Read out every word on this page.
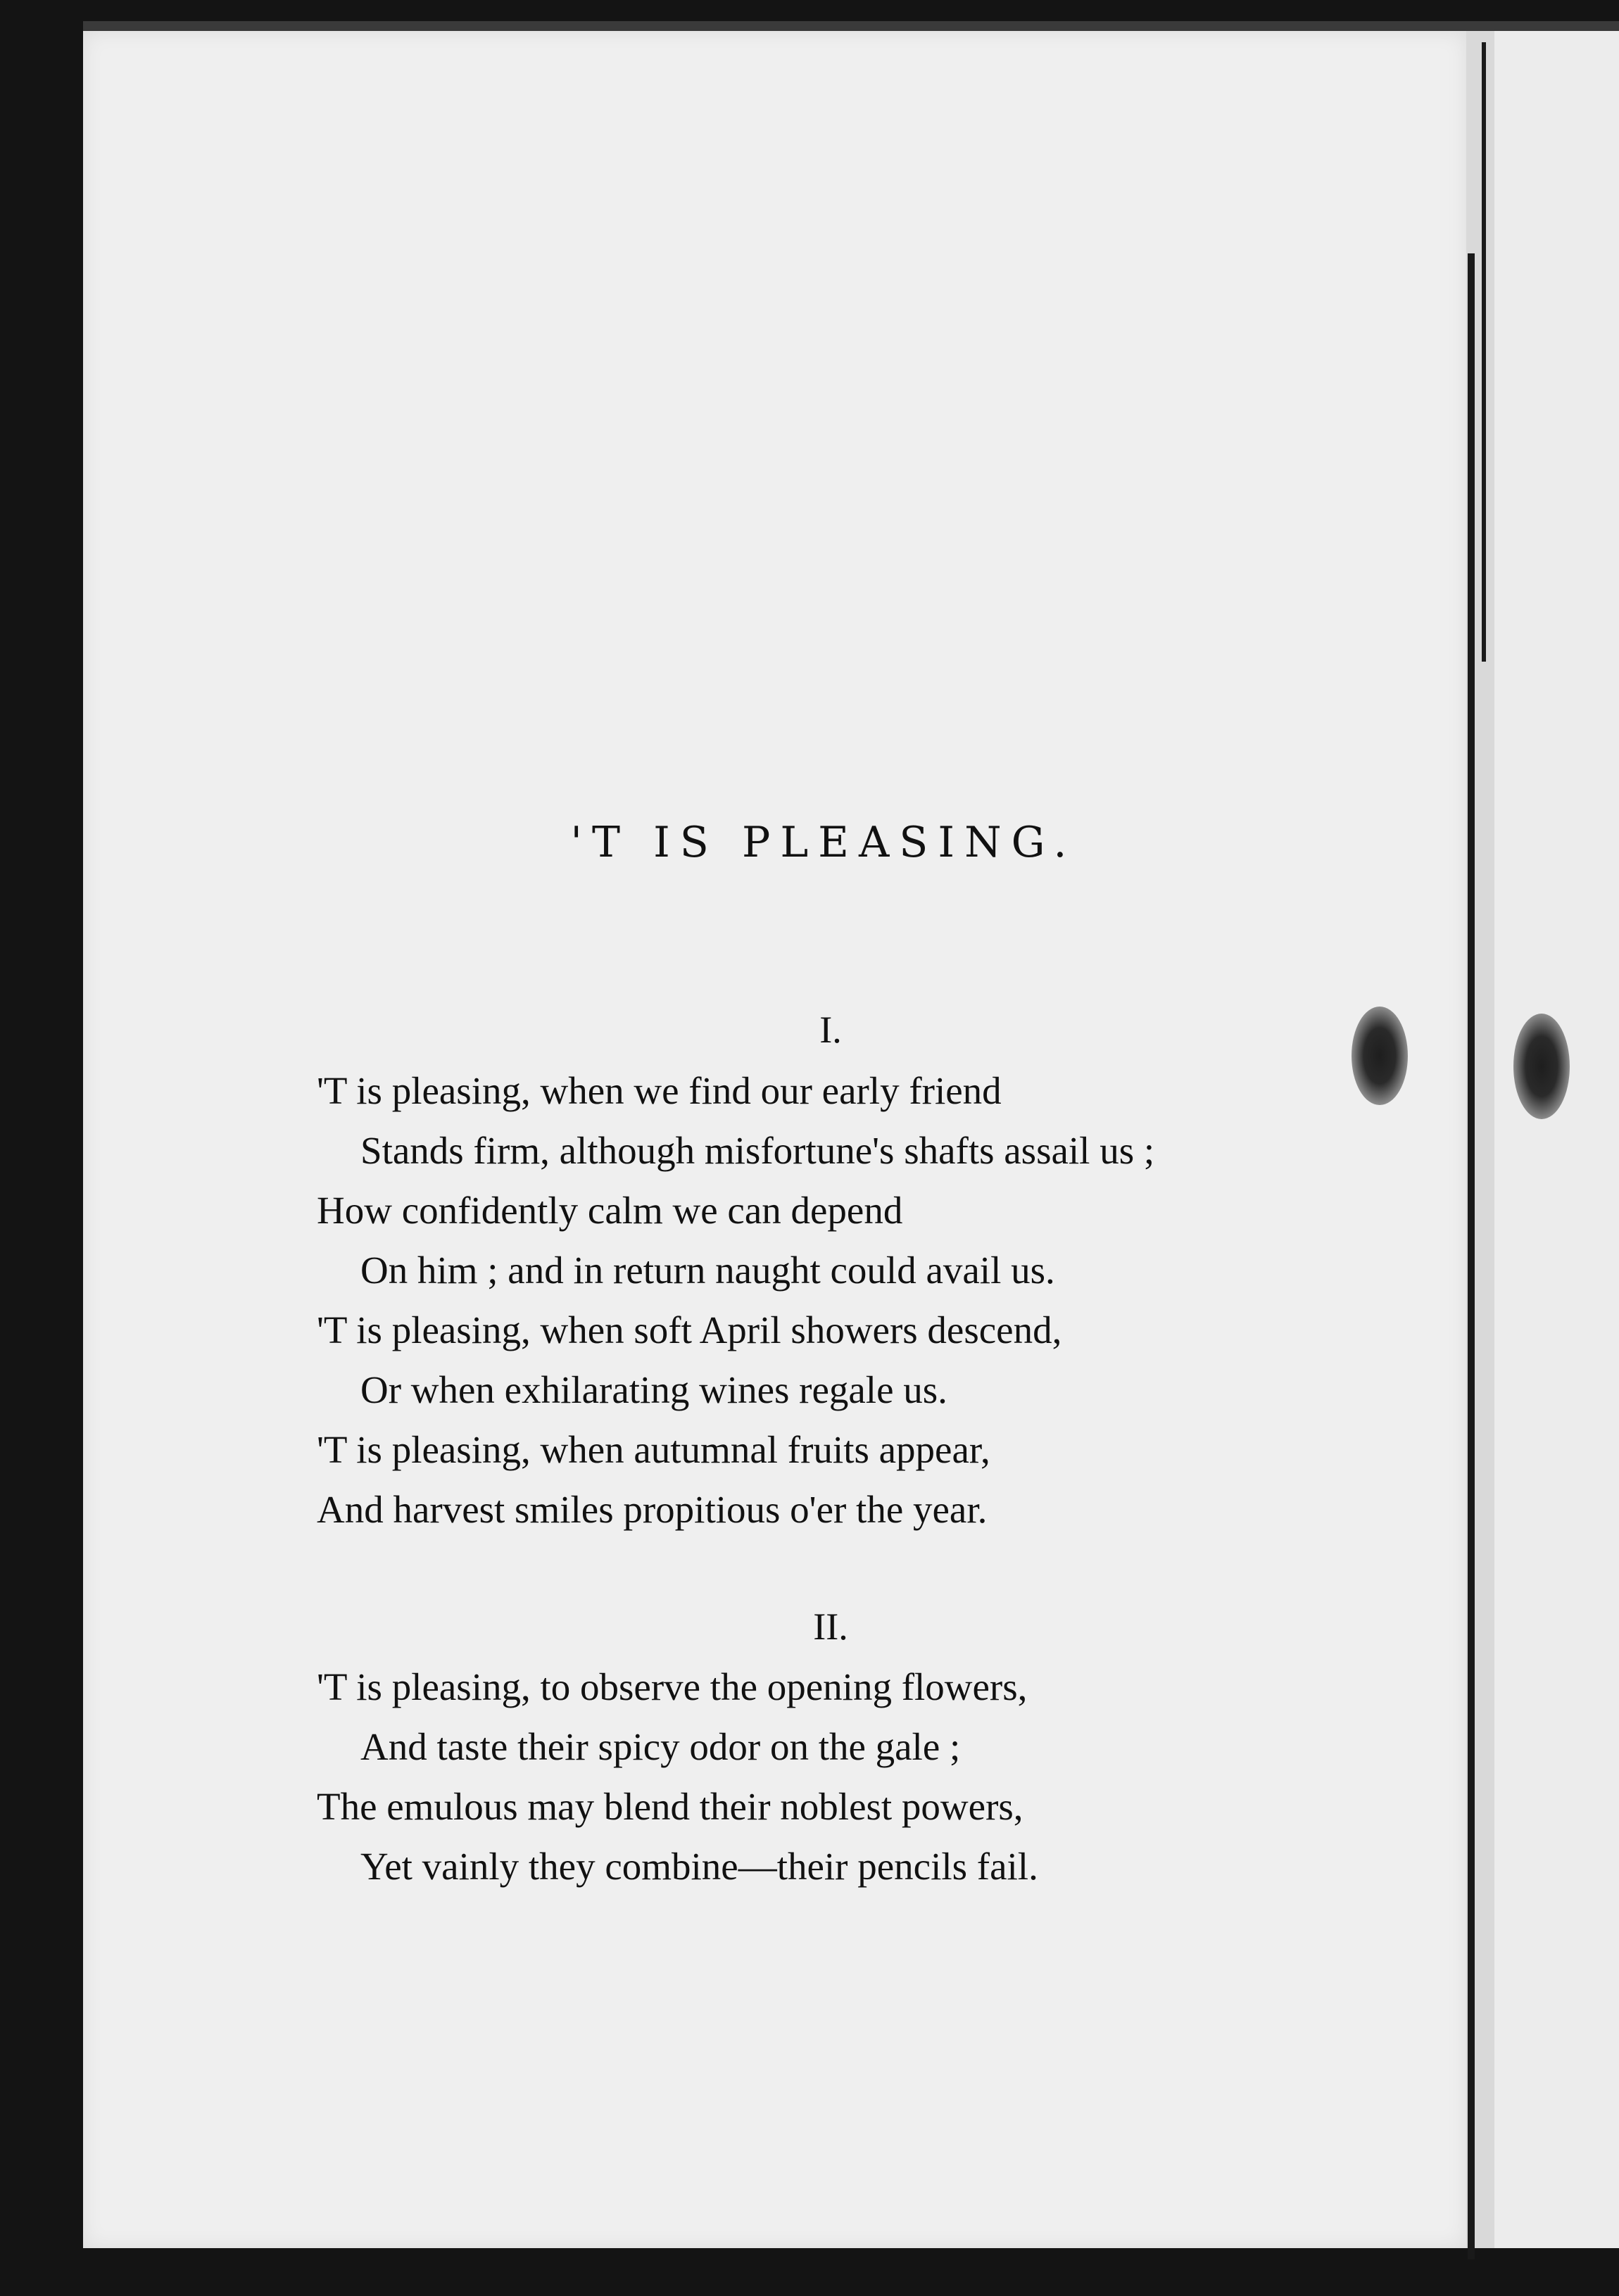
'T IS PLEASING.
I.
'T is pleasing, when we find our early friend
Stands firm, although misfortune's shafts assail us ;
How confidently calm we can depend
On him ; and in return naught could avail us.
'T is pleasing, when soft April showers descend,
Or when exhilarating wines regale us.
'T is pleasing, when autumnal fruits appear,
And harvest smiles propitious o'er the year.
II.
'T is pleasing, to observe the opening flowers,
And taste their spicy odor on the gale ;
The emulous may blend their noblest powers,
Yet vainly they combine—their pencils fail.
